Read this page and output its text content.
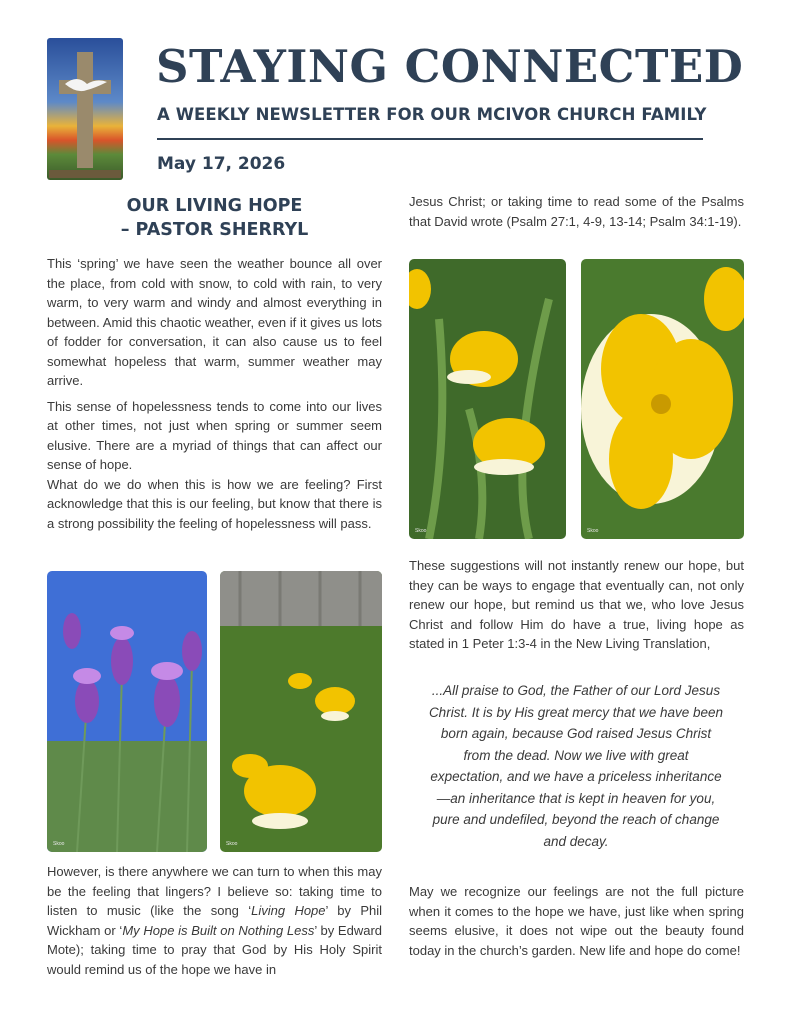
STAYING CONNECTED
A WEEKLY NEWSLETTER FOR OUR MCIVOR CHURCH FAMILY
May 17, 2026
OUR LIVING HOPE
– PASTOR SHERRYL

This ‘spring’ we have seen the weather bounce all over the place, from cold with snow, to cold with rain, to very warm, to very warm and windy and almost everything in between. Amid this chaotic weather, even if it gives us lots of fodder for conversation, it can also cause us to feel somewhat hopeless that warm, summer weather may arrive.

This sense of hopelessness tends to come into our lives at other times, not just when spring or summer seem elusive. There are a myriad of things that can affect our sense of hope.

What do we do when this is how we are feeling? First acknowledge that this is our feeling, but know that there is a strong possibility the feeling of hopelessness will pass.

Skoo	Skoo

However, is there anywhere we can turn to when this may be the feeling that lingers? I believe so: taking time to listen to music (like the song ‘Living Hope’ by Phil Wickham or ‘My Hope is Built on Nothing Less’ by Edward Mote); taking time to pray that God by His Holy Spirit would remind us of the hope we have in

Jesus Christ; or taking time to read some of the Psalms that David wrote (Psalm 27:1, 4-9, 13-14; Psalm 34:1-19).

Skoo	Skoo

These suggestions will not instantly renew our hope, but they can be ways to engage that eventually can, not only renew our hope, but remind us that we, who love Jesus Christ and follow Him do have a true, living hope as stated in 1 Peter 1:3-4 in the New Living Translation,

...All praise to God, the Father of our Lord Jesus Christ. It is by His great mercy that we have been born again, because God raised Jesus Christ from the dead. Now we live with great expectation, and we have a priceless inheritance—an inheritance that is kept in heaven for you, pure and undefiled, beyond the reach of change and decay.

May we recognize our feelings are not the full picture when it comes to the hope we have, just like when spring seems elusive, it does not wipe out the beauty found today in the church’s garden. New life and hope do come!
